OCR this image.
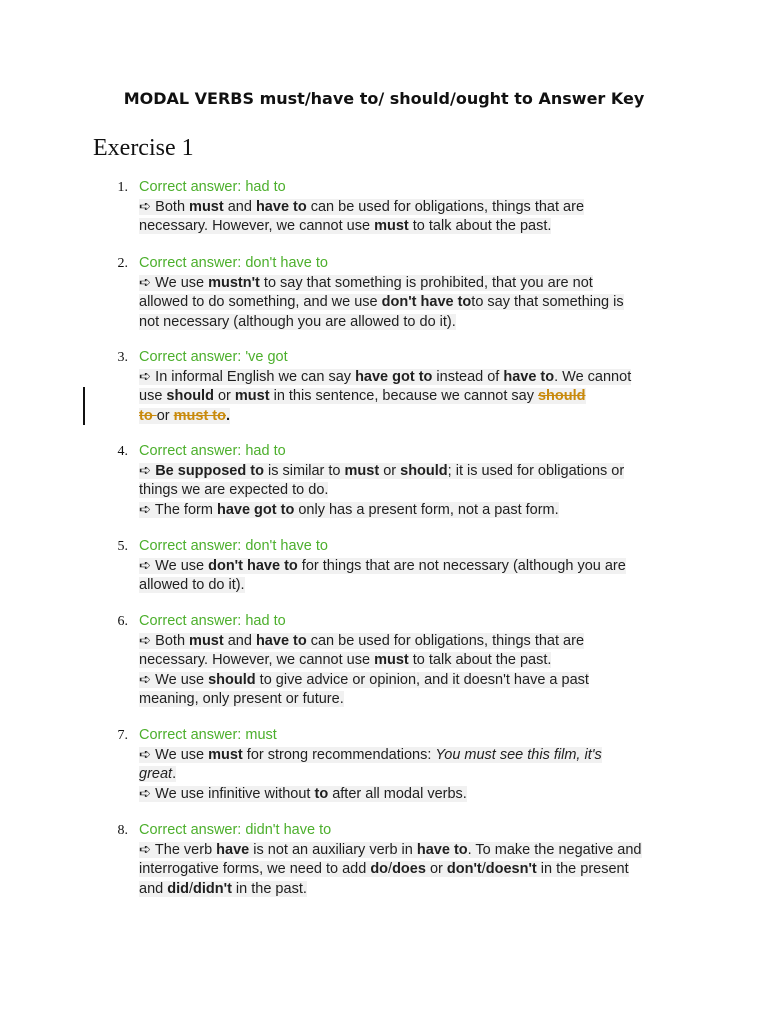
MODAL VERBS must/have to/ should/ought to Answer Key
Exercise 1
1. Correct answer: had to
➪ Both must and have to can be used for obligations, things that are
necessary. However, we cannot use must to talk about the past.
2. Correct answer: don't have to
➪ We use mustn't to say that something is prohibited, that you are not
allowed to do something, and we use don't have toto say that something is
not necessary (although you are allowed to do it).
3. Correct answer: 've got
➪ In informal English we can say have got to instead of have to. We cannot
use should or must in this sentence, because we cannot say should
to or must to.
4. Correct answer: had to
➪ Be supposed to is similar to must or should; it is used for obligations or
things we are expected to do.
➪ The form have got to only has a present form, not a past form.
5. Correct answer: don't have to
➪ We use don't have to for things that are not necessary (although you are
allowed to do it).
6. Correct answer: had to
➪ Both must and have to can be used for obligations, things that are
necessary. However, we cannot use must to talk about the past.
➪ We use should to give advice or opinion, and it doesn't have a past
meaning, only present or future.
7. Correct answer: must
➪ We use must for strong recommendations: You must see this film, it's
great.
➪ We use infinitive without to after all modal verbs.
8. Correct answer: didn't have to
➪ The verb have is not an auxiliary verb in have to. To make the negative and
interrogative forms, we need to add do/does or don't/doesn't in the present
and did/didn't in the past.
